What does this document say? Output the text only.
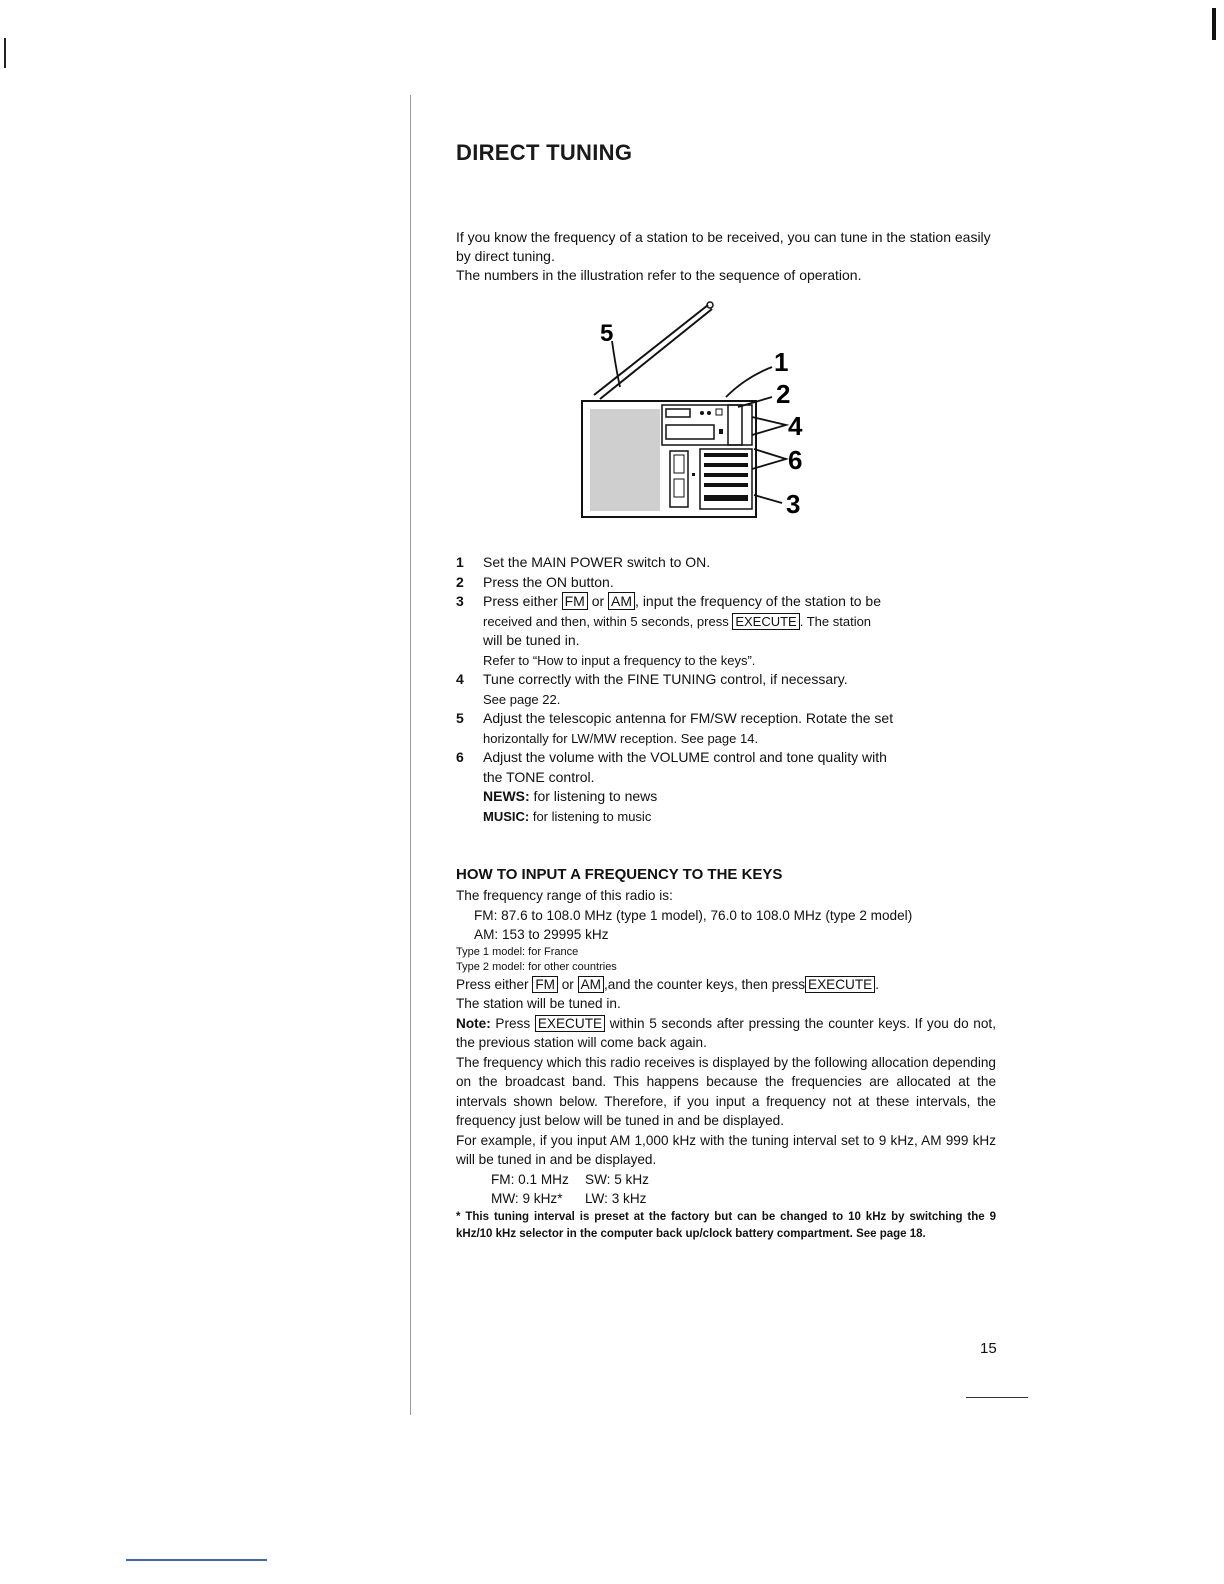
DIRECT TUNING

If you know the frequency of a station to be received, you can tune in the station easily by direct tuning.

The numbers in the illustration refer to the sequence of operation.

5
1
2
4
6
3
1 Set the MAIN POWER switch to ON.
2 Press the ON button.
3 Press either FM or AM , input the frequency of the station to be
received and then, within 5 seconds, press EXECUTE . The station
will be tuned in.
Refer to “How to input a frequency to the keys”.
4 Tune correctly with the FINE TUNING control, if necessary.
See page 22.
5 Adjust the telescopic antenna for FM/SW reception. Rotate the set
horizontally for LW/MW reception. See page 14.
6 Adjust the volume with the VOLUME control and tone quality with
the TONE control.
NEWS: for listening to news
MUSIC: for listening to music
HOW TO INPUT A FREQUENCY TO THE KEYS

The frequency range of this radio is:

FM: 87.6 to 108.0 MHz (type 1 model), 76.0 to 108.0 MHz (type 2 model)

AM: 153 to 29995 kHz

Type 1 model: for France

Type 2 model: for other countries

Press either FM or AM ,and the counter keys, then press EXECUTE .

The station will be tuned in.

Note: Press EXECUTE within 5 seconds after pressing the counter keys. If you do not, the previous station will come back again.

The frequency which this radio receives is displayed by the following allocation depending on the broadcast band. This happens because the frequencies are allocated at the intervals shown below. Therefore, if you input a frequency not at these intervals, the frequency just below will be tuned in and be displayed.

For example, if you input AM 1,000 kHz with the tuning interval set to 9 kHz, AM 999 kHz will be tuned in and be displayed.

FM: 0.1 MHz SW: 5 kHz

MW: 9 kHz* LW: 3 kHz

* This tuning interval is preset at the factory but can be changed to 10 kHz by switching the 9 kHz/10 kHz selector in the computer back up/clock battery compartment. See page 18.

15
